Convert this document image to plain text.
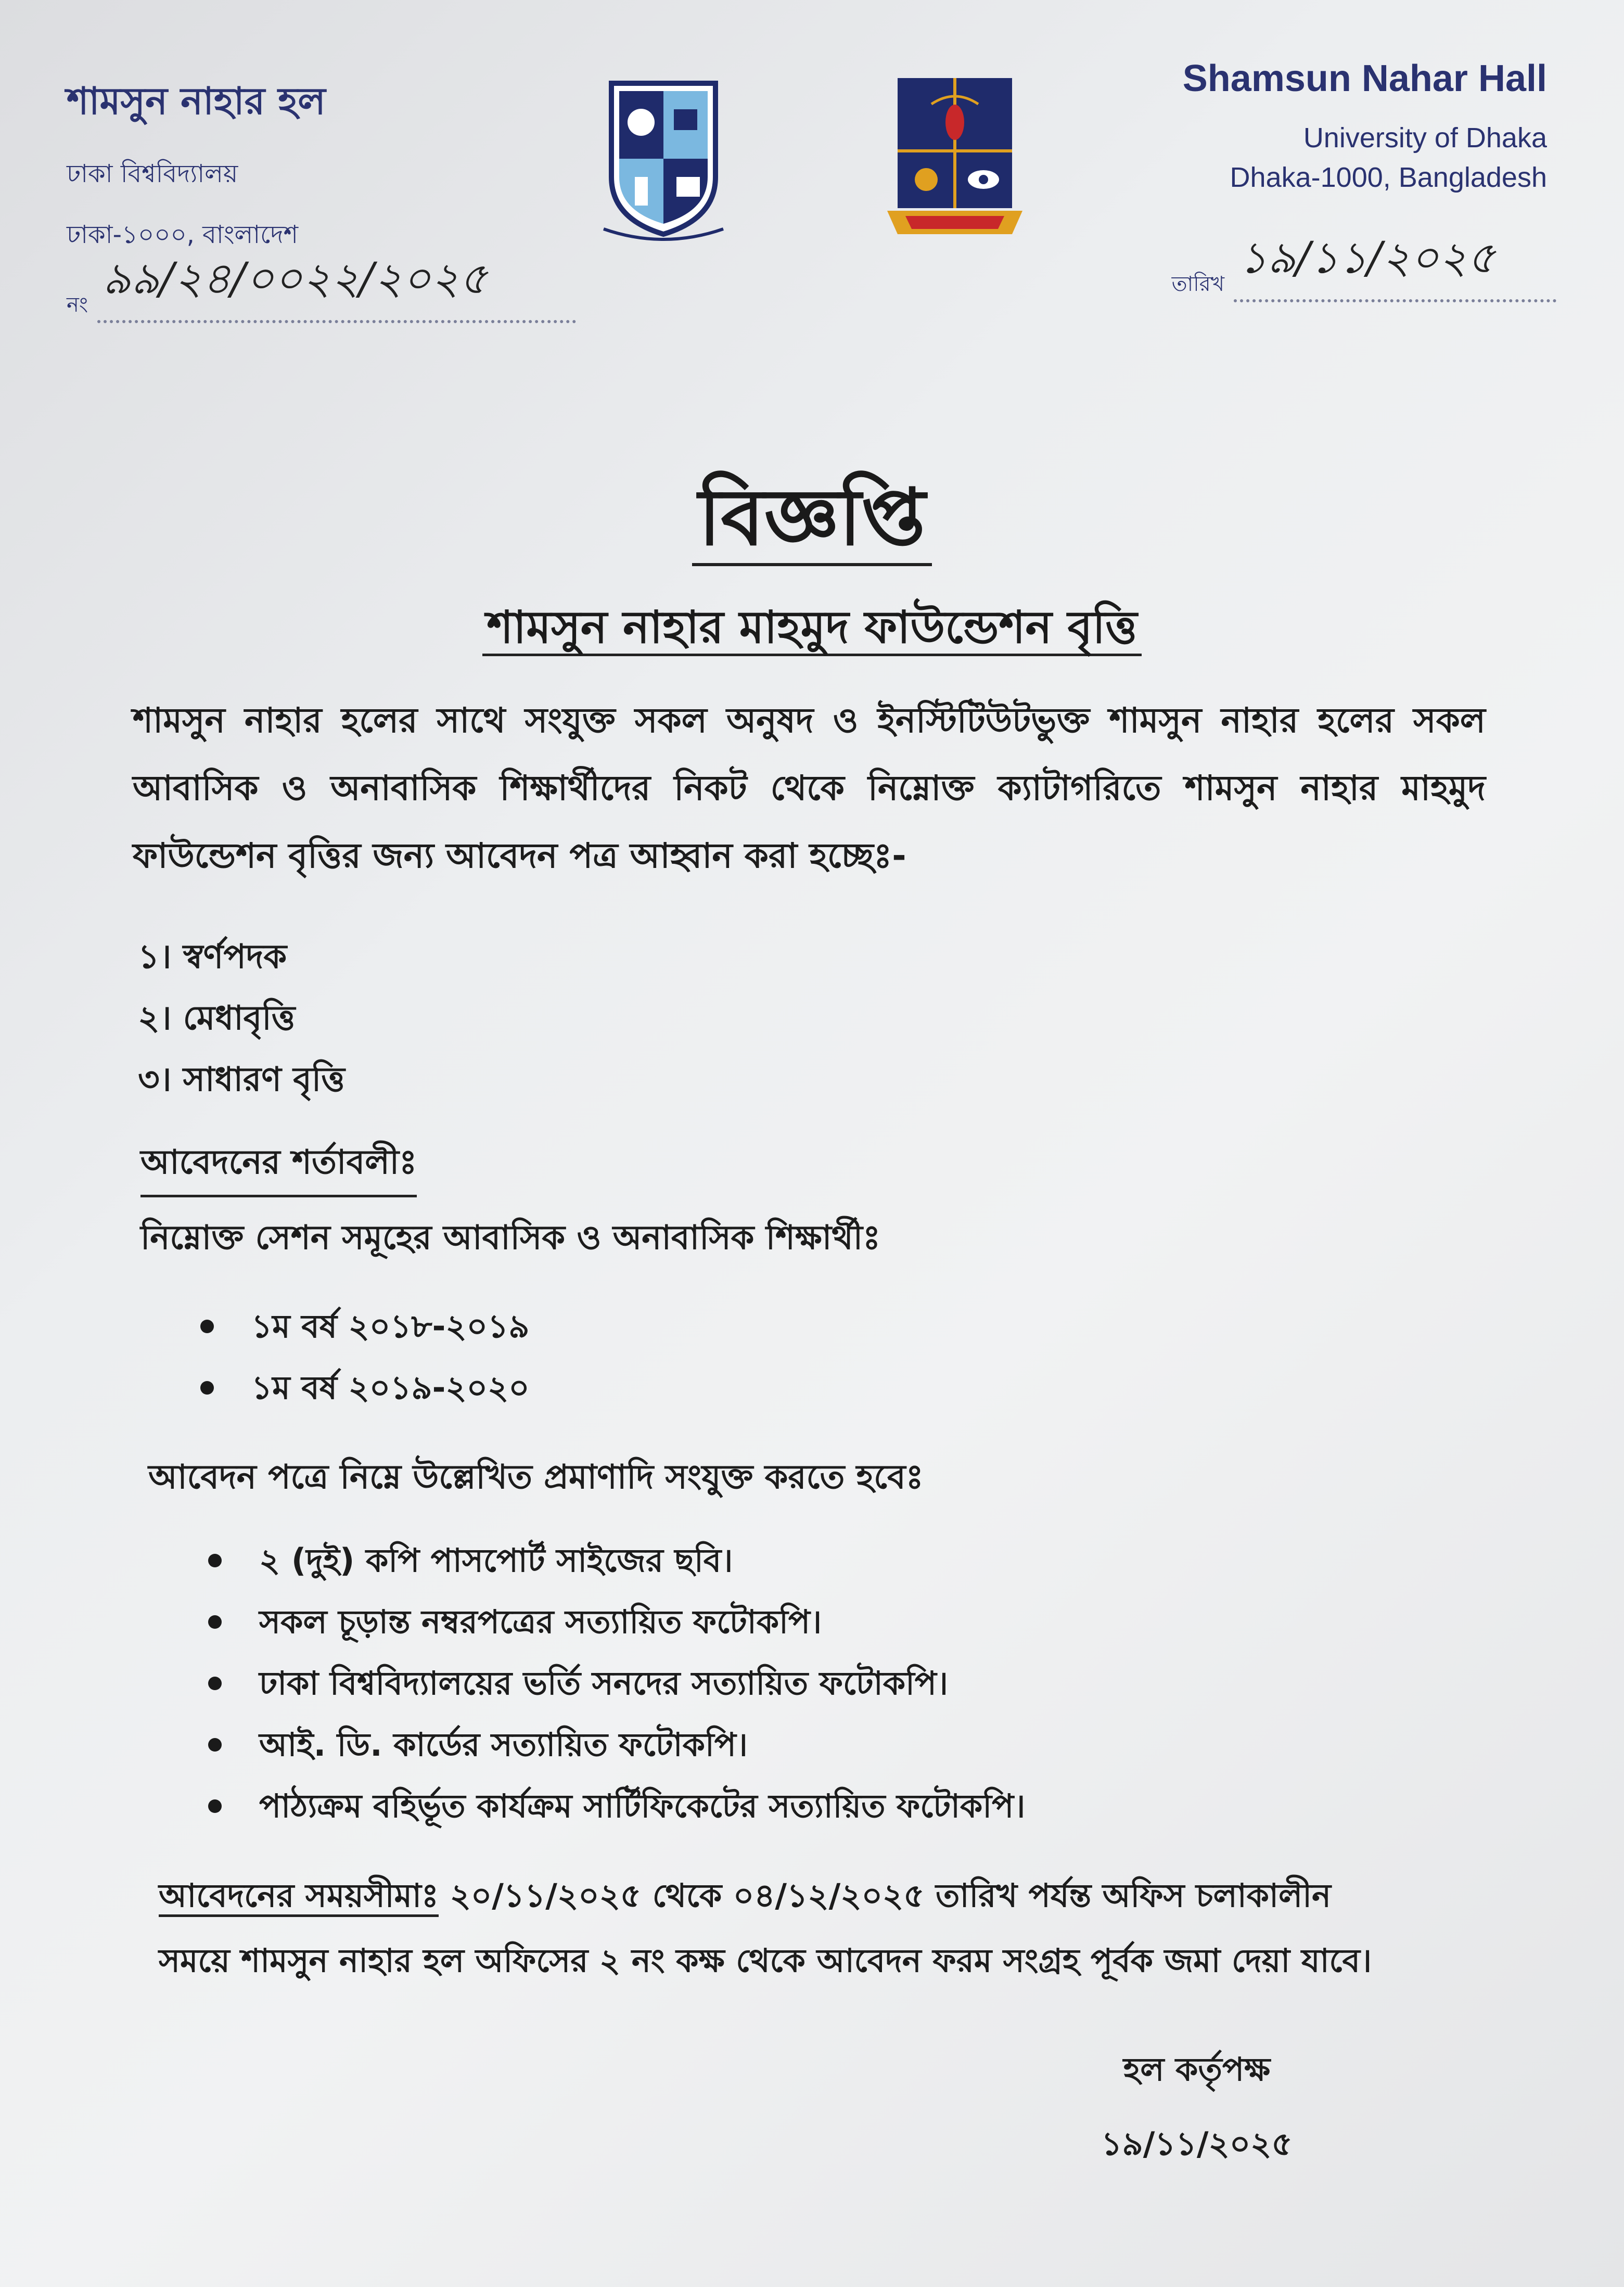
শামসুন নাহার হল
ঢাকা বিশ্ববিদ্যালয়
ঢাকা-১০০০, বাংলাদেশ
নং
৯৯/২৪/০০২২/২০২৫
Shamsun Nahar Hall
University of Dhaka
Dhaka-1000, Bangladesh
তারিখ
১৯/১১/২০২৫
বিজ্ঞপ্তি
শামসুন নাহার মাহমুদ ফাউন্ডেশন বৃত্তি
শামসুন নাহার হলের সাথে সংযুক্ত সকল অনুষদ ও ইনস্টিটিউটভুক্ত শামসুন নাহার হলের সকল আবাসিক ও অনাবাসিক শিক্ষার্থীদের নিকট থেকে নিম্নোক্ত ক্যাটাগরিতে শামসুন নাহার মাহমুদ ফাউন্ডেশন বৃত্তির জন্য আবেদন পত্র আহ্বান করা হচ্ছেঃ-
১। স্বর্ণপদক
২। মেধাবৃত্তি
৩। সাধারণ বৃত্তি
আবেদনের শর্তাবলীঃ
নিম্নোক্ত সেশন সমূহের আবাসিক ও অনাবাসিক শিক্ষার্থীঃ
১ম বর্ষ ২০১৮-২০১৯
১ম বর্ষ ২০১৯-২০২০
আবেদন পত্রে নিম্নে উল্লেখিত প্রমাণাদি সংযুক্ত করতে হবেঃ
২ (দুই) কপি পাসপোর্ট সাইজের ছবি।
সকল চূড়ান্ত নম্বরপত্রের সত্যায়িত ফটোকপি।
ঢাকা বিশ্ববিদ্যালয়ের ভর্তি সনদের সত্যায়িত ফটোকপি।
আই. ডি. কার্ডের সত্যায়িত ফটোকপি।
পাঠ্যক্রম বহির্ভূত কার্যক্রম সার্টিফিকেটের সত্যায়িত ফটোকপি।
আবেদনের সময়সীমাঃ ২০/১১/২০২৫ থেকে ০৪/১২/২০২৫ তারিখ পর্যন্ত অফিস চলাকালীন সময়ে শামসুন নাহার হল অফিসের ২ নং কক্ষ থেকে আবেদন ফরম সংগ্রহ পূর্বক জমা দেয়া যাবে।
হল কর্তৃপক্ষ
১৯/১১/২০২৫
